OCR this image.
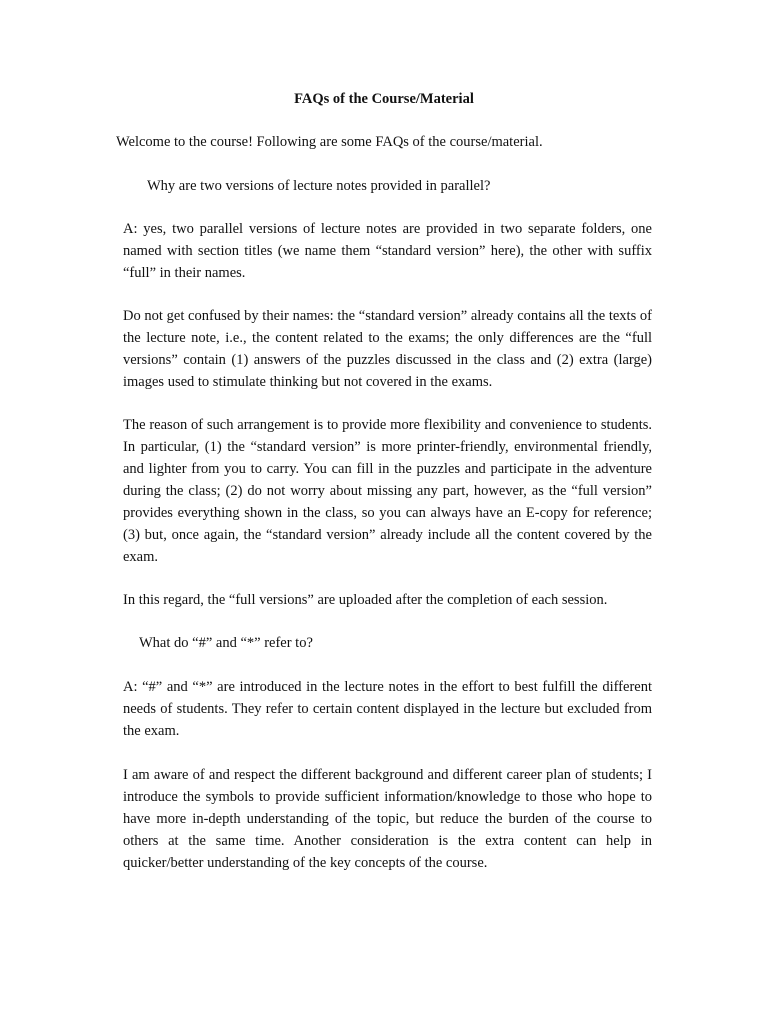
FAQs of the Course/Material
Welcome to the course! Following are some FAQs of the course/material.
Why are two versions of lecture notes provided in parallel?

A: yes, two parallel versions of lecture notes are provided in two separate folders, one named with section titles (we name them “standard version” here), the other with suffix “full” in their names.

Do not get confused by their names: the “standard version” already contains all the texts of the lecture note, i.e., the content related to the exams; the only differences are the “full versions” contain (1) answers of the puzzles discussed in the class and (2) extra (large) images used to stimulate thinking but not covered in the exams.

The reason of such arrangement is to provide more flexibility and convenience to students. In particular, (1) the “standard version” is more printer-friendly, environmental friendly, and lighter from you to carry. You can fill in the puzzles and participate in the adventure during the class; (2) do not worry about missing any part, however, as the “full version” provides everything shown in the class, so you can always have an E-copy for reference; (3) but, once again, the “standard version” already include all the content covered by the exam.

In this regard, the “full versions” are uploaded after the completion of each session.

What do “#” and “*” refer to?

A: “#” and “*” are introduced in the lecture notes in the effort to best fulfill the different needs of students. They refer to certain content displayed in the lecture but excluded from the exam.

I am aware of and respect the different background and different career plan of students; I introduce the symbols to provide sufficient information/knowledge to those who hope to have more in-depth understanding of the topic, but reduce the burden of the course to others at the same time. Another consideration is the extra content can help in quicker/better understanding of the key concepts of the course.
